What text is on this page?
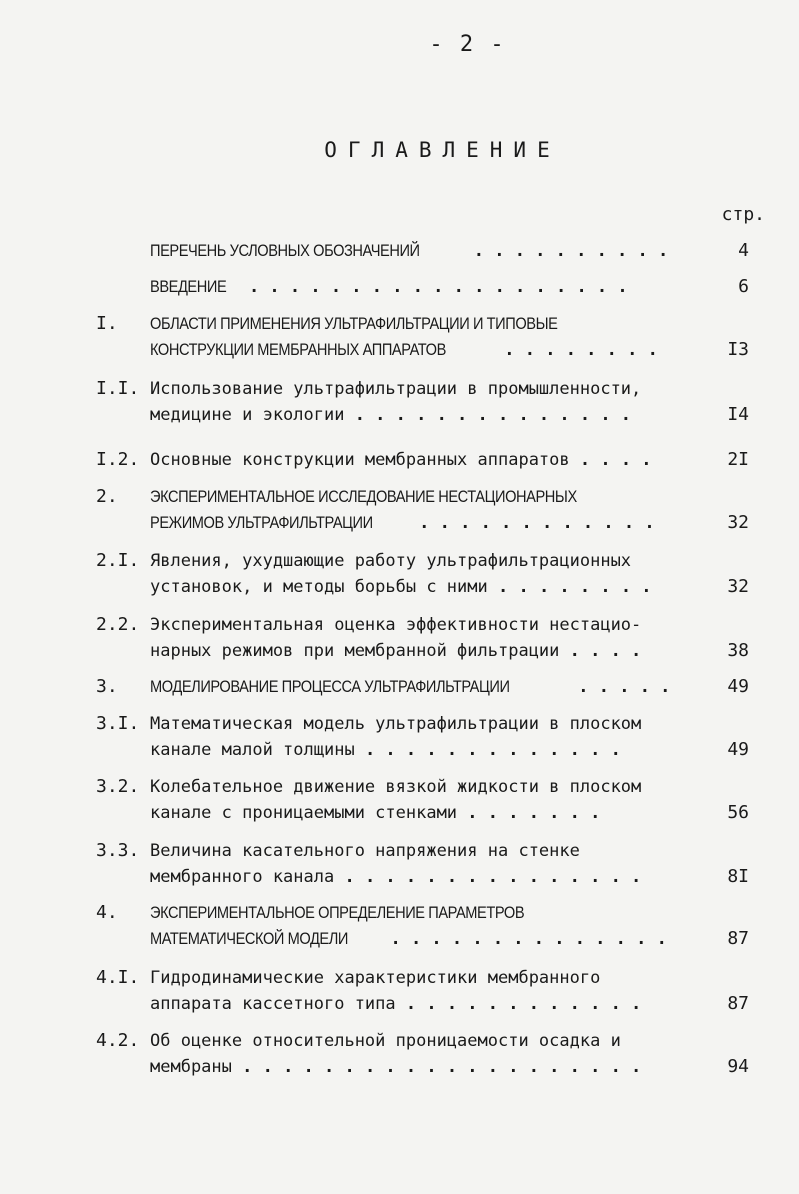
- 2 -
ОГЛАВЛЕНИЕ
стр.
ПЕРЕЧЕНЬ УСЛОВНЫХ ОБОЗНАЧЕНИЙ	. . . . . . . . . .	4
ВВЕДЕНИЕ . . . . . . . . . . . . . . . . . . .	6
I. ОБЛАСТИ ПРИМЕНЕНИЯ УЛЬТРАФИЛЬТРАЦИИ И ТИПОВЫЕ
КОНСТРУКЦИИ МЕМБРАННЫХ АППАРАТОВ	. . . . . . . .	I3
I.I. Использование ультрафильтрации в промышленности,
медицине и экологии . . . . . . . . . . . . . .	I4
I.2. Основные конструкции мембранных аппаратов . . . .	2I
2. ЭКСПЕРИМЕНТАЛЬНОЕ ИССЛЕДОВАНИЕ НЕСТАЦИОНАРНЫХ
РЕЖИМОВ УЛЬТРАФИЛЬТРАЦИИ . . . . . . . . . . . .	32
2.I. Явления, ухудшающие работу ультрафильтрационных
установок, и методы борьбы с ними . . . . . . . .	32
2.2. Экспериментальная оценка эффективности нестацио-
нарных режимов при мембранной фильтрации . . . .	38
3. МОДЕЛИРОВАНИЕ ПРОЦЕССА УЛЬТРАФИЛЬТРАЦИИ	. . . . .	49
3.I. Математическая модель ультрафильтрации в плоском
канале малой толщины . . . . . . . . . . . . .	49
3.2. Колебательное движение вязкой жидкости в плоском
канале с проницаемыми стенками . . . . . . .	56
3.3. Величина касательного напряжения на стенке
мембранного канала . . . . . . . . . . . . . . .	8I
4. ЭКСПЕРИМЕНТАЛЬНОЕ ОПРЕДЕЛЕНИЕ ПАРАМЕТРОВ
МАТЕМАТИЧЕСКОЙ МОДЕЛИ . . . . . . . . . . . . . .	87
4.I. Гидродинамические характеристики мембранного
аппарата кассетного типа . . . . . . . . . . . .	87
4.2. Об оценке относительной проницаемости осадка и
мембраны . . . . . . . . . . . . . . . . . . . .	94
